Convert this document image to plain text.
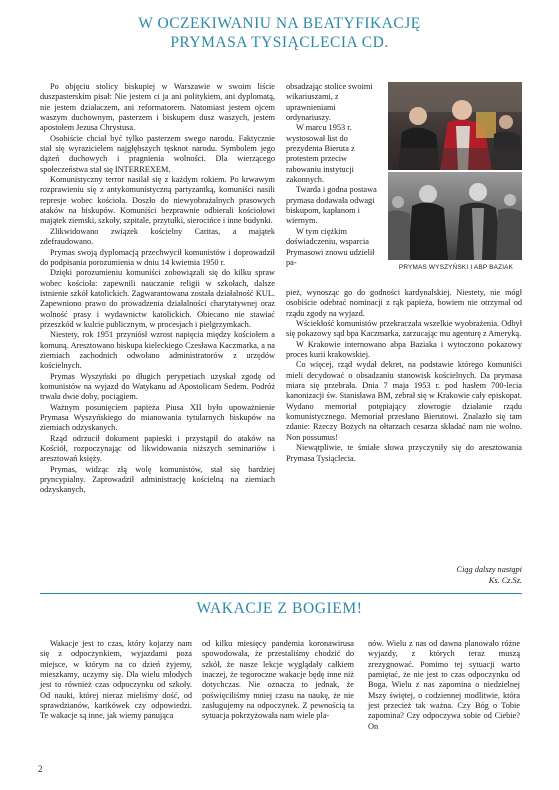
W OCZEKIWANIU NA BEATYFIKACJĘ
PRYMASA TYSIĄCLECIA CD.

Po objęciu stolicy biskupiej w Warszawie w swoim liście duszpasterskim pisał: Nie jestem ci ja ani politykiem, ani dyplomatą, nie jestem działaczem, ani reformatorem. Natomiast jestem ojcem waszym duchownym, pasterzem i biskupem dusz waszych, jestem apostołem Jezusa Chrystusa.

Osobiście chciał być tylko pasterzem swego narodu. Faktycznie stał się wyrazicielem najgłębszych tęsknot narodu. Symbolem jego dążeń duchowych i pragnienia wolności. Dla wierzącego społeczeństwa stał się INTERREXEM.

Komunistyczny terror nasilał się z każdym rokiem. Po krwawym rozprawieniu się z antykomunistyczną partyzantką, komuniści nasili represje wobec kościoła. Doszło do niewyobrażalnych prasowych ataków na biskupów. Komuniści bezprawnie odbierali kościołowi majątek ziemski, szkoły, szpitale, przytułki, sierocińce i inne budynki.

Zlikwidowano związek kościelny Caritas, a majątek zdefraudowano.

Prymas swoją dyplomacją przechwycił komunistów i doprowadził do podpisania porozumienia w dniu 14 kwietnia 1950 r.

Dzięki porozumieniu komuniści zobowiązali się do kilku spraw wobec kościoła: zapewnili nauczanie religii w szkołach, dalsze istnienie szkół katolickich. Zagwarantowana została działalność KUL. Zapewniono prawo do prowadzenia działalności charytatywnej oraz wolność prasy i wydawnictw katolickich. Obiecano nie stawiać przeszkód w kulcie publicznym, w procesjach i pielgrzymkach.

Niestety, rok 1951 przyniósł wzrost napięcia między kościołem a komuną. Aresztowano biskupa kieleckiego Czesława Kaczmarka, a na ziemiach zachodnich odwołano administratorów z urzędów kościelnych.

Prymas Wyszyński po długich perypetiach uzyskał zgodę od komunistów na wyjazd do Watykanu ad Apostolicam Sedem. Podróż trwała dwie doby, pociągiem.

Ważnym posunięciem papieża Piusa XII było upoważnienie Prymasa Wyszyńskiego do mianowania tytularnych biskupów na ziemiach odzyskanych.

Rząd odrzucił dokument papieski i przystąpił do ataków na Kościół, rozpoczynając od likwidowania niższych seminariów i aresztowań księży.

Prymas, widząc złą wolę komunistów, stał się bardziej pryncypialny. Zaprowadził administrację kościelną na ziemiach odzyskanych,

obsadzając stolice swoimi wikariuszami, z uprawnieniami ordynariuszy.

W marcu 1953 r. wystosował list do prezydenta Bieruta z protestem przeciw rabowaniu instytucji zakonnych.

Twarda i godna postawa prymasa dodawała odwagi biskupom, kapłanom i wiernym.

W tym ciężkim doświadczeniu, wsparcia Prymasowi znowu udzielił pa-

PRYMAS WYSZYŃSKI I ABP BAZIAK

pież, wynosząc go do godności kardynalskiej. Niestety, nie mógł osobiście odebrać nominacji z rąk papieża, bowiem nie otrzymał od rządu zgody na wyjazd.

Wściekłość komunistów przekraczała wszelkie wyobrażenia. Odbył się pokazowy sąd bpa Kaczmarka, zarzucając mu agenturę z Ameryką.

W Krakowie internowano abpa Baziaka i wytoczono pokazowy proces kurii krakowskiej.

Co więcej, rząd wydał dekret, na podstawie którego komuniści mieli decydować o obsadzaniu stanowisk kościelnych. Da prymasa miara się przebrała. Dnia 7 maja 1953 r. pod hasłem 700-lecia kanonizacji św. Stanisława BM, zebrał się w Krakowie cały episkopat. Wydano memoriał potępiający złowrogie działanie rządu komunistycznego. Memoriał przesłano Bierutowi. Znalazło się tam zdanie: Rzeczy Bożych na ołtarzach cesarza składać nam nie wolno. Non possumus!

Niewątpliwie, te śmiałe słowa przyczyniły się do aresztowania Prymasa Tysiąclecia.

Ciąg dalszy nastąpi
Ks. Cz.Sz.
WAKACJE Z BOGIEM!

Wakacje jest to czas, który kojarzy nam się z odpoczynkiem, wyjazdami poza miejsce, w którym na co dzień żyjemy, mieszkamy, uczymy się. Dla wielu młodych jest to również czas odpoczynku od szkoły. Od nauki, której nieraz mieliśmy dość, od sprawdzianów, kartkówek czy odpowiedzi. Te wakacje są inne, jak wiemy panująca

od kilku miesięcy pandemia koronawirusa spowodowała, że przestaliśmy chodzić do szkół, że nasze lekcje wyglądały całkiem inaczej, że tegoroczne wakacje będę inne niż dotychczas. Nie oznacza to jednak, że poświęciliśmy mniej czasu na naukę, że nie zasługujemy na odpoczynek. Z pewnością ta sytuacja pokrzyżowała nam wiele pla-

nów. Wielu z nas od dawna planowało różne wyjazdy, z których teraz muszą zrezygnować. Pomimo tej sytuacji warto pamiętać, że nie jest to czas odpoczynku od Boga. Wielu z nas zapomina o niedzielnej Mszy świętej, o codziennej modlitwie, która jest przecież tak ważna. Czy Bóg o Tobie zapomina? Czy odpoczywa sobie od Ciebie? On

2
